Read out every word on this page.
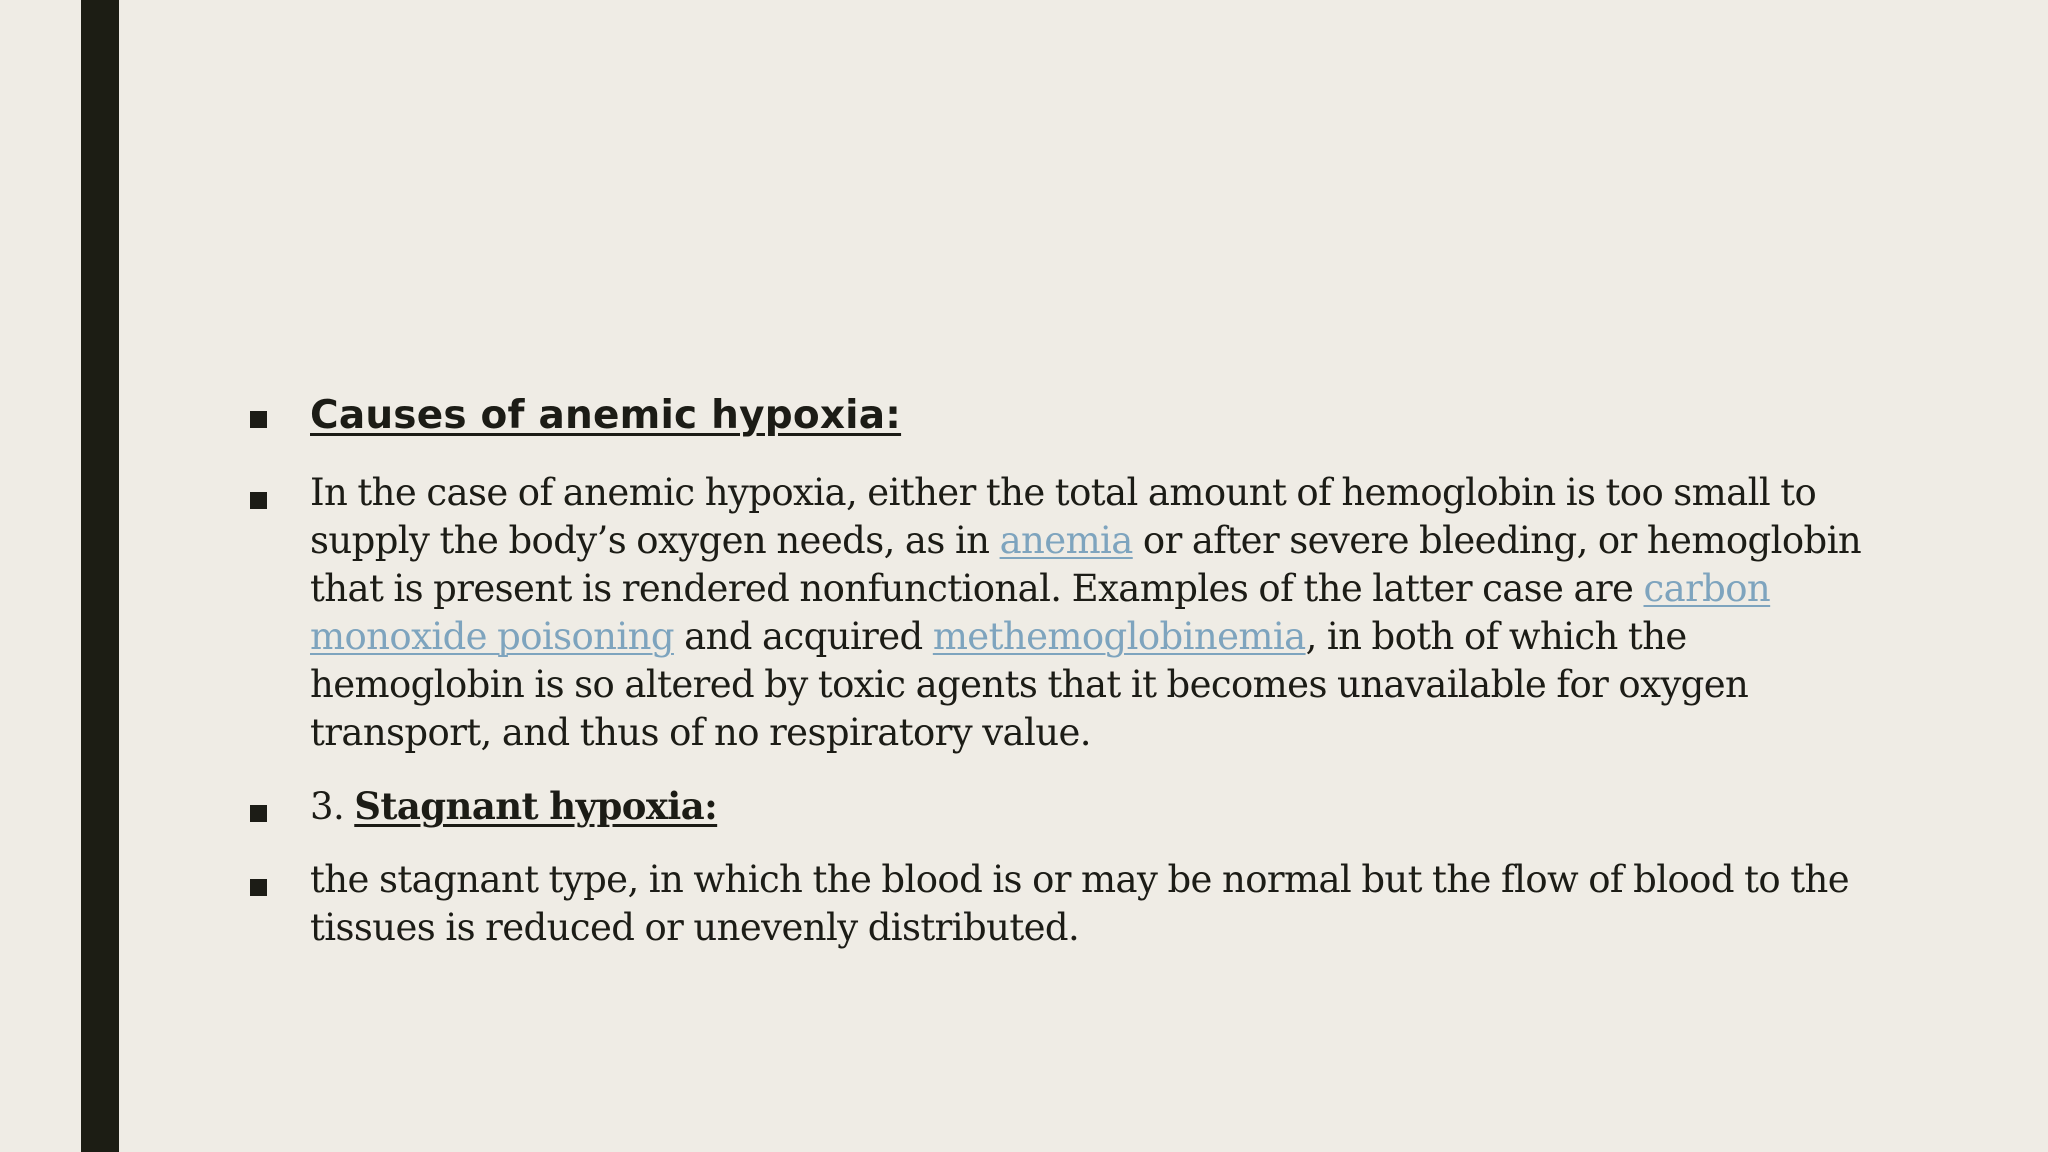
Causes of anemic hypoxia:
In the case of anemic hypoxia, either the total amount of hemoglobin is too small to supply the body’s oxygen needs, as in anemia or after severe bleeding, or hemoglobin that is present is rendered nonfunctional. Examples of the latter case are carbon monoxide poisoning and acquired methemoglobinemia, in both of which the hemoglobin is so altered by toxic agents that it becomes unavailable for oxygen transport, and thus of no respiratory value.
3. Stagnant hypoxia:
the stagnant type, in which the blood is or may be normal but the flow of blood to the tissues is reduced or unevenly distributed.
